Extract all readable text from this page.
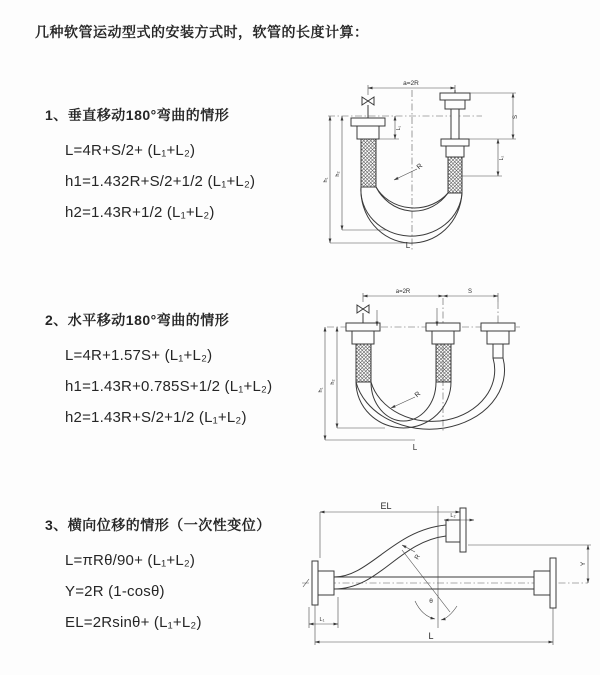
几种软管运动型式的安装方式时，软管的长度计算：
1、垂直移动180°弯曲的情形
L=4R+S/2+ (L₁+L₂)
h1=1.432R+S/2+1/2 (L₁+L₂)
h2=1.43R+1/2 (L₁+L₂)
2、水平移动180°弯曲的情形
L=4R+1.57S+ (L₁+L₂)
h1=1.43R+0.785S+1/2 (L₁+L₂)
h2=1.43R+S/2+1/2 (L₁+L₂)
3、横向位移的情形（一次性变位）
L=πRθ/90+ (L₁+L₂)
Y=2R (1-cosθ)
EL=2Rsinθ+ (L₁+L₂)
a=2R
h₁
h₂
L₁
S
L₂
R
L
a=2R	S
h₁
h₂
R
L
θ
EL
L₂
Y
L₁
L
R
